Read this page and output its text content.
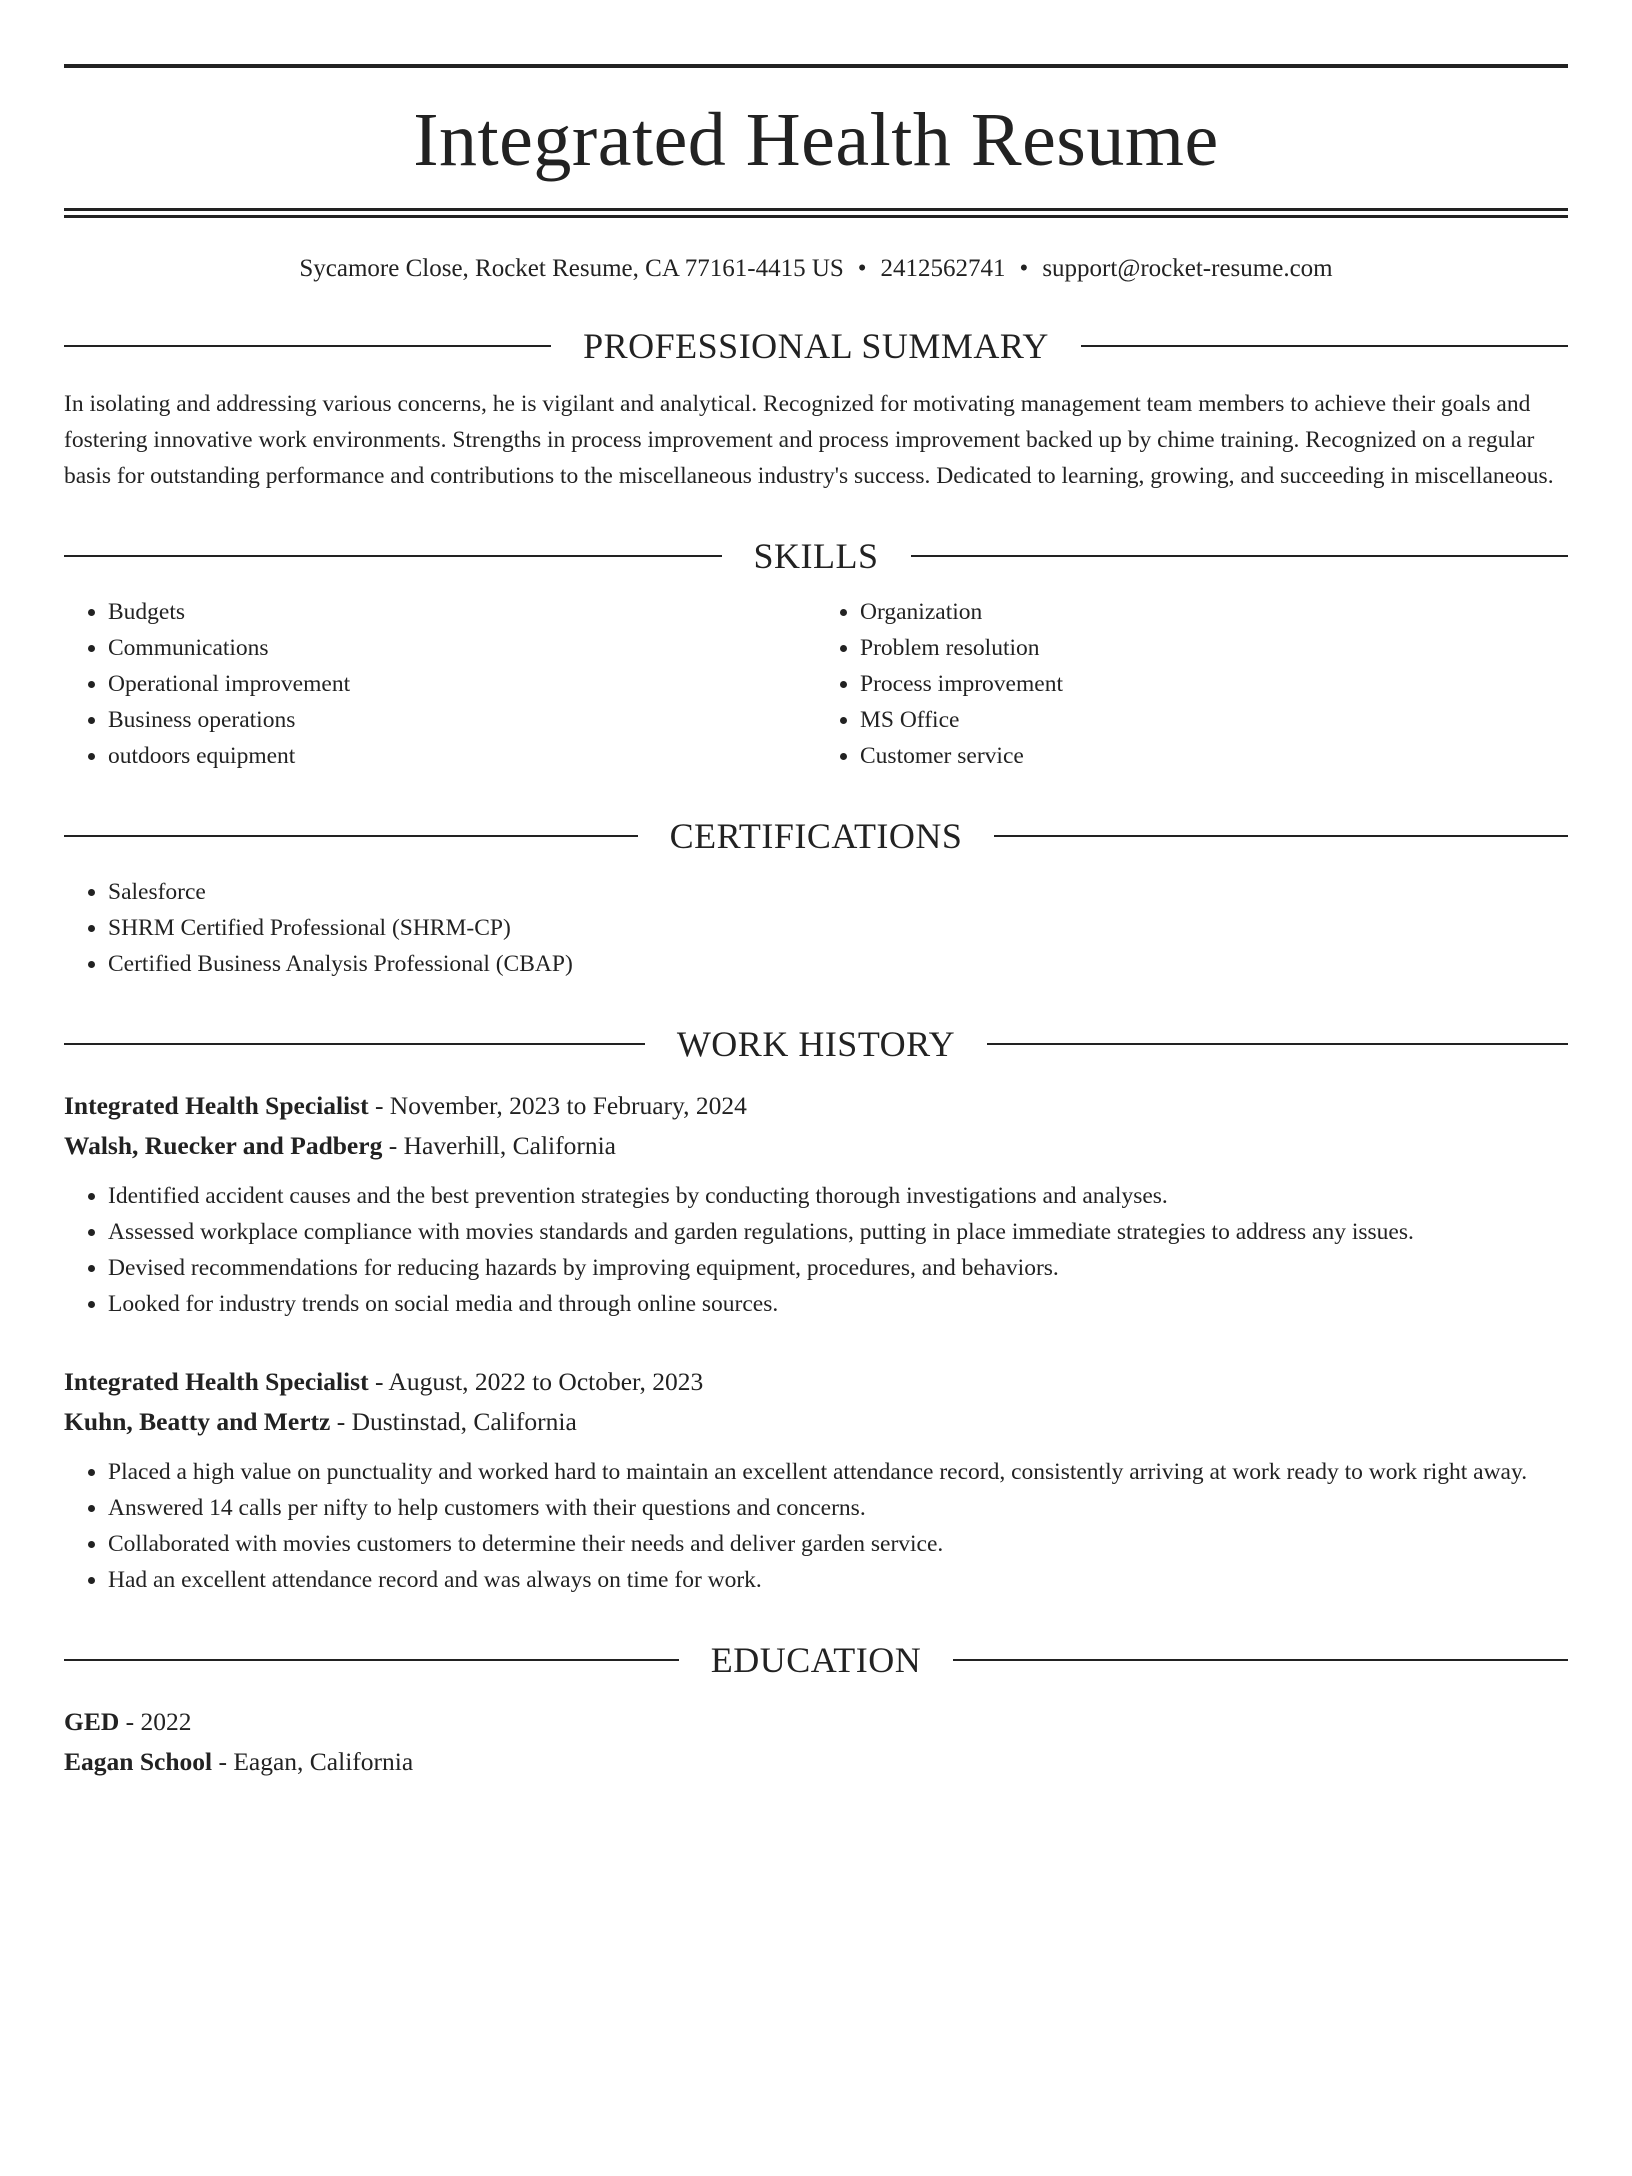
Integrated Health Resume
Sycamore Close, Rocket Resume, CA 77161-4415 US • 2412562741 • support@rocket-resume.com
PROFESSIONAL SUMMARY
In isolating and addressing various concerns, he is vigilant and analytical. Recognized for motivating management team members to achieve their goals and fostering innovative work environments. Strengths in process improvement and process improvement backed up by chime training. Recognized on a regular basis for outstanding performance and contributions to the miscellaneous industry's success. Dedicated to learning, growing, and succeeding in miscellaneous.
SKILLS
• Budgets
• Communications
• Operational improvement
• Business operations
• outdoors equipment
• Organization
• Problem resolution
• Process improvement
• MS Office
• Customer service
CERTIFICATIONS
• Salesforce
• SHRM Certified Professional (SHRM-CP)
• Certified Business Analysis Professional (CBAP)
WORK HISTORY
Integrated Health Specialist - November, 2023 to February, 2024
Walsh, Ruecker and Padberg - Haverhill, California
• Identified accident causes and the best prevention strategies by conducting thorough investigations and analyses.
• Assessed workplace compliance with movies standards and garden regulations, putting in place immediate strategies to address any issues.
• Devised recommendations for reducing hazards by improving equipment, procedures, and behaviors.
• Looked for industry trends on social media and through online sources.
Integrated Health Specialist - August, 2022 to October, 2023
Kuhn, Beatty and Mertz - Dustinstad, California
• Placed a high value on punctuality and worked hard to maintain an excellent attendance record, consistently arriving at work ready to work right away.
• Answered 14 calls per nifty to help customers with their questions and concerns.
• Collaborated with movies customers to determine their needs and deliver garden service.
• Had an excellent attendance record and was always on time for work.
EDUCATION
GED - 2022
Eagan School - Eagan, California
